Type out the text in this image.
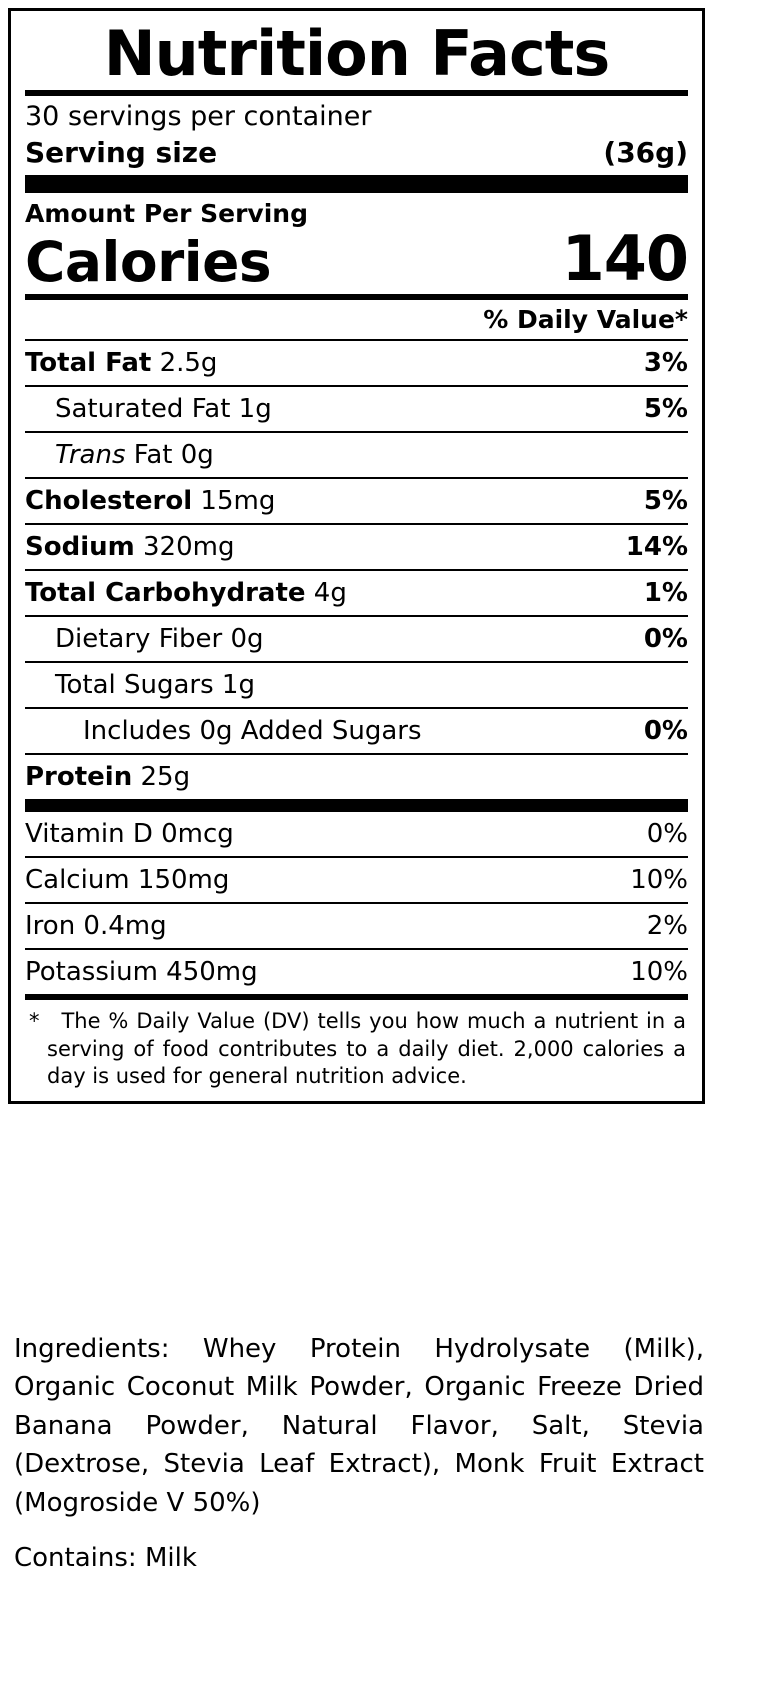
Nutrition Facts
30 servings per container
Serving size	(36g)
Amount Per Serving
Calories	140
% Daily Value*
Total Fat 2.5g	3%
Saturated Fat 1g	5%
Trans Fat 0g
Cholesterol 15mg	5%
Sodium 320mg	14%
Total Carbohydrate 4g	1%
Dietary Fiber 0g	0%
Total Sugars 1g
Includes 0g Added Sugars	0%
Protein 25g
Vitamin D 0mcg	0%
Calcium 150mg	10%
Iron 0.4mg	2%
Potassium 450mg	10%
* The % Daily Value (DV) tells you how much a nutrient in a serving of food contributes to a daily diet. 2,000 calories a day is used for general nutrition advice.
Ingredients: Whey Protein Hydrolysate (Milk), Organic Coconut Milk Powder, Organic Freeze Dried Banana Powder, Natural Flavor, Salt, Stevia (Dextrose, Stevia Leaf Extract), Monk Fruit Extract (Mogroside V 50%)
Contains: Milk
